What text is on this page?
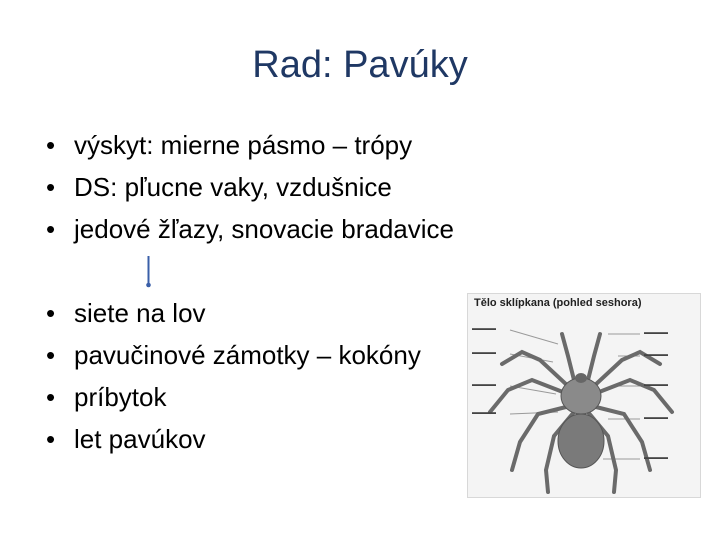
Rad: Pavúky
• výskyt: mierne pásmo – trópy
• DS: pľucne vaky, vzdušnice
• jedové žľazy, snovacie bradavice
• siete na lov
• pavučinové zámotky – kokóny
• príbytok
• let pavúkov
Tělo sklípkana (pohled seshora)
▬▬▬▬
▬▬▬▬
▬▬▬▬
▬▬▬▬
▬▬▬▬
▬▬▬▬
▬▬▬▬
▬▬▬▬
▬▬▬▬
